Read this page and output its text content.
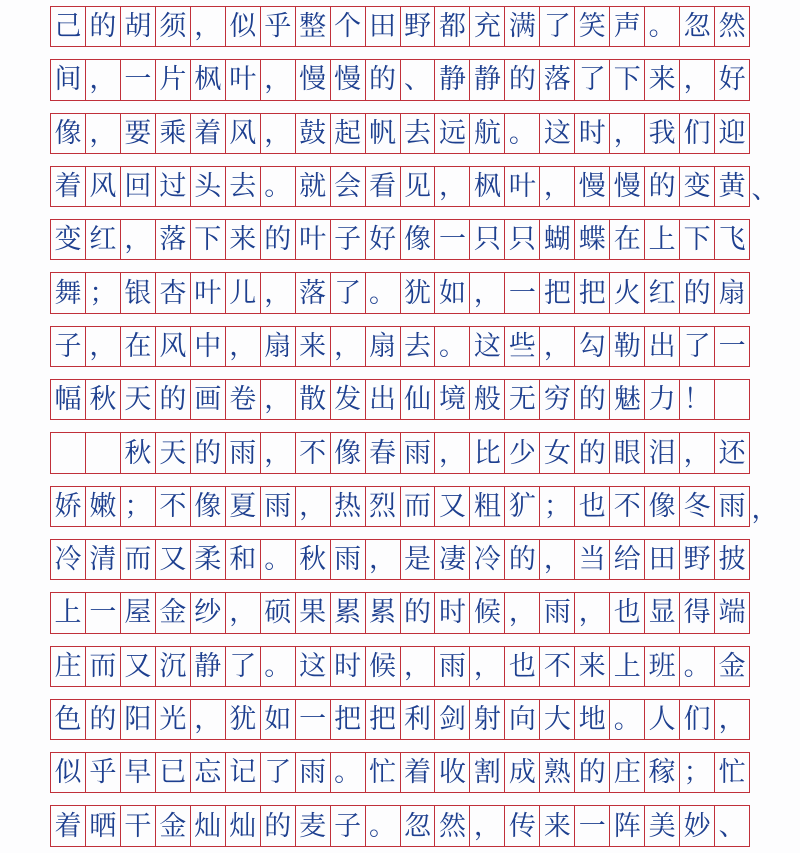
己 的 胡 须 ， 似 乎 整 个 田 野 都 充 满 了 笑 声 。 忽 然
间 ， 一 片 枫 叶 ， 慢 慢 的 、 静 静 的 落 了 下 来 ， 好
像 ， 要 乘 着 风 ， 鼓 起 帆 去 远 航 。 这 时 ， 我 们 迎
着 风 回 过 头 去 。 就 会 看 见 ， 枫 叶 ， 慢 慢 的 变 黄 、
变 红 ， 落 下 来 的 叶 子 好 像 一 只 只 蝴 蝶 在 上 下 飞
舞 ； 银 杏 叶 儿 ， 落 了 。 犹 如 ， 一 把 把 火 红 的 扇
子 ， 在 风 中 ， 扇 来 ， 扇 去 。 这 些 ， 勾 勒 出 了 一
幅 秋 天 的 画 卷 ， 散 发 出 仙 境 般 无 穷 的 魅 力 ！
秋 天 的 雨 ， 不 像 春 雨 ， 比 少 女 的 眼 泪 ， 还
娇 嫩 ； 不 像 夏 雨 ， 热 烈 而 又 粗 犷 ； 也 不 像 冬 雨 ，
冷 清 而 又 柔 和 。 秋 雨 ， 是 凄 冷 的 ， 当 给 田 野 披
上 一 屋 金 纱 ， 硕 果 累 累 的 时 候 ， 雨 ， 也 显 得 端
庄 而 又 沉 静 了 。 这 时 候 ， 雨 ， 也 不 来 上 班 。 金
色 的 阳 光 ， 犹 如 一 把 把 利 剑 射 向 大 地 。 人 们 ，
似 乎 早 已 忘 记 了 雨 。 忙 着 收 割 成 熟 的 庄 稼 ； 忙
着 晒 干 金 灿 灿 的 麦 子 。 忽 然 ， 传 来 一 阵 美 妙 、
